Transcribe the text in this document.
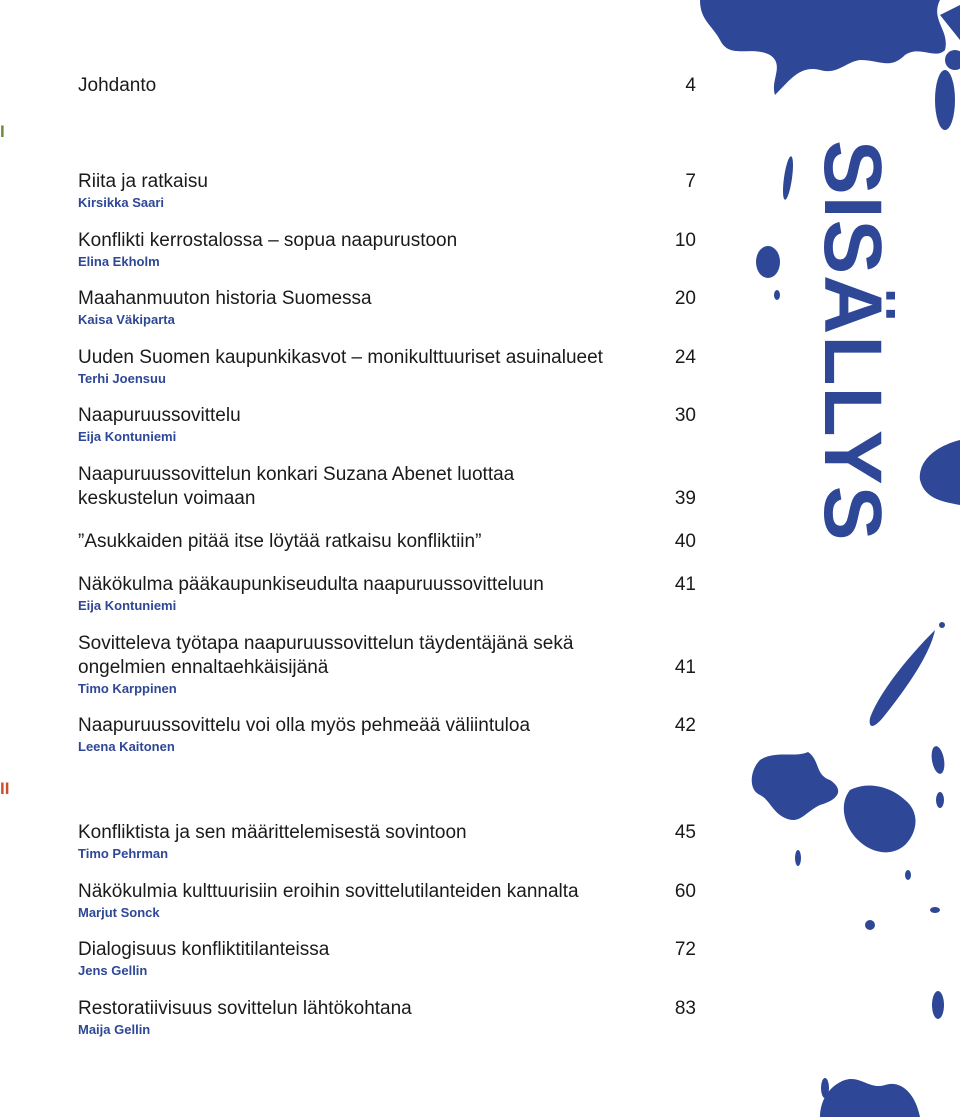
SISÄLLYS
I
II
Johdanto	4
Riita ja ratkaisu	7
Kirsikka Saari
Konflikti kerrostalossa – sopua naapurustoon	10
Elina Ekholm
Maahanmuuton historia Suomessa	20
Kaisa Väkiparta
Uuden Suomen kaupunkikasvot – monikulttuuriset asuinalueet	24
Terhi Joensuu
Naapuruussovittelu	30
Eija Kontuniemi
Naapuruussovittelun konkari Suzana Abenet luottaa keskustelun voimaan	39
”Asukkaiden pitää itse löytää ratkaisu konfliktiin”	40
Näkökulma pääkaupunkiseudulta naapuruussovitteluun	41
Eija Kontuniemi
Sovitteleva työtapa naapuruussovittelun täydentäjänä sekä ongelmien ennaltaehkäisijänä	41
Timo Karppinen
Naapuruussovittelu voi olla myös pehmeää väliintuloa	42
Leena Kaitonen
Konfliktista ja sen määrittelemisestä sovintoon	45
Timo Pehrman
Näkökulmia kulttuurisiin eroihin sovittelutilanteiden kannalta	60
Marjut Sonck
Dialogisuus konfliktitilanteissa	72
Jens Gellin
Restoratiivisuus sovittelun lähtökohtana	83
Maija Gellin
